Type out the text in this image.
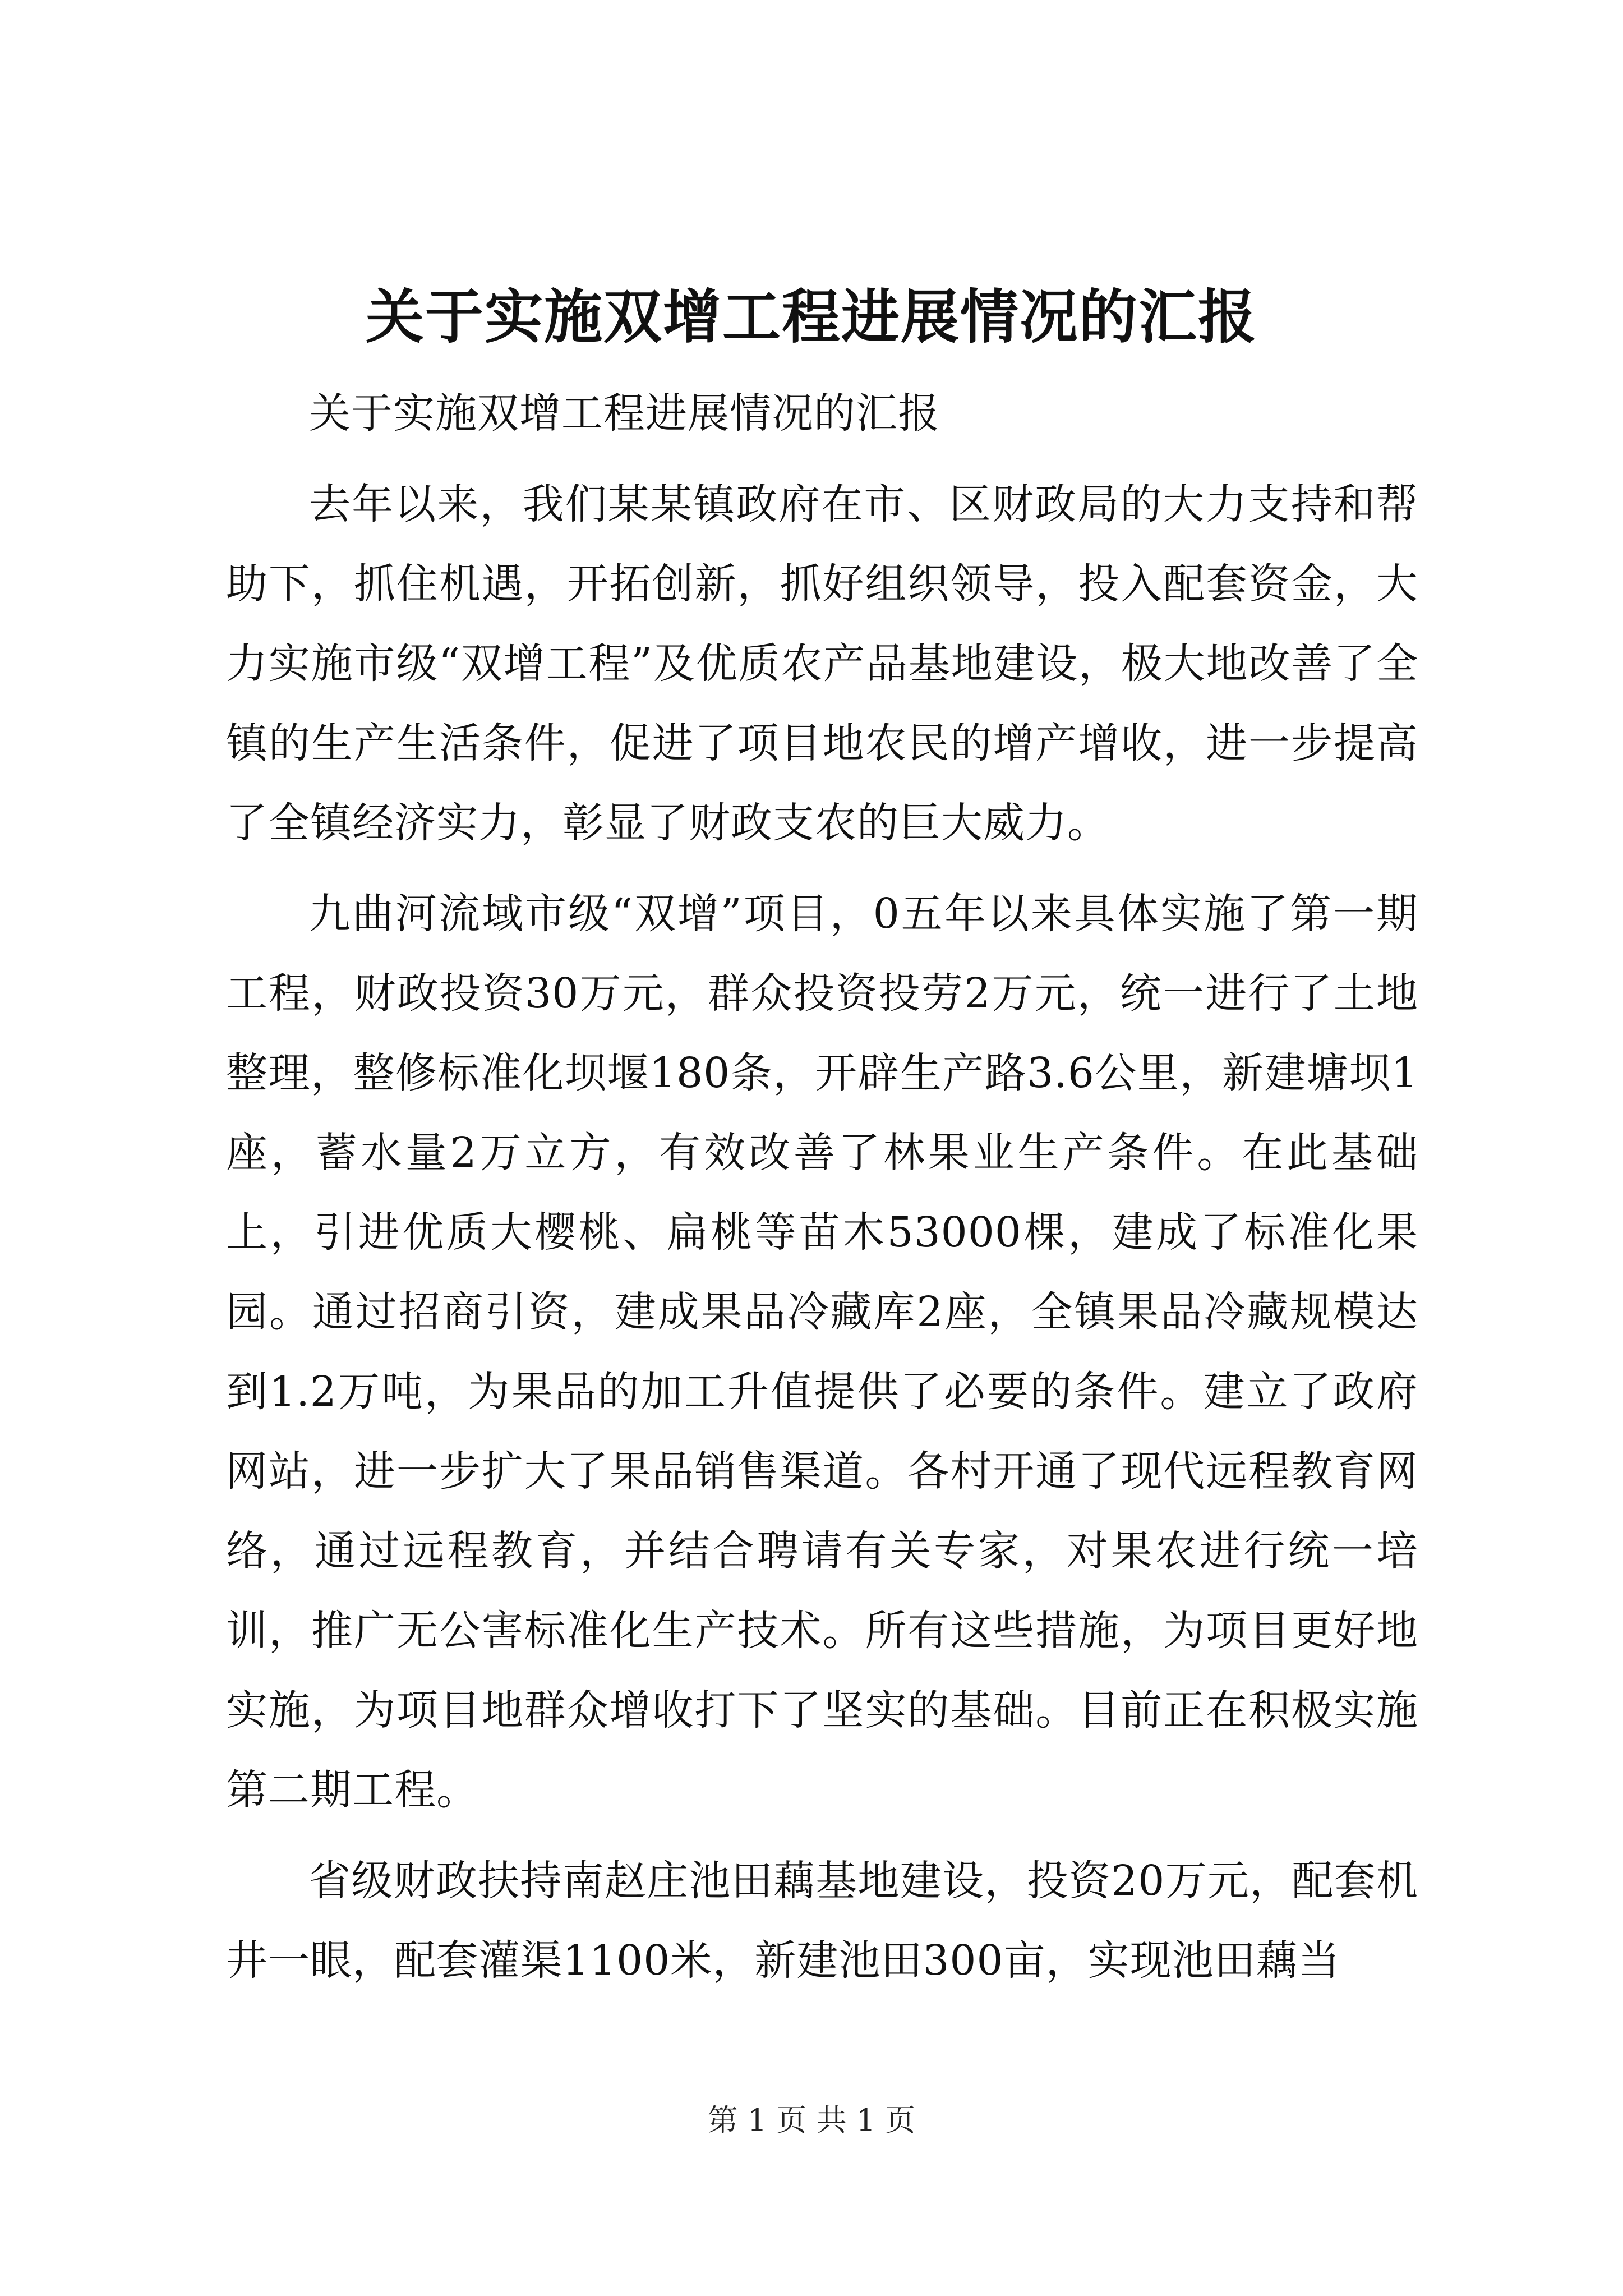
关于实施双增工程进展情况的汇报

关于实施双增工程进展情况的汇报

去年以来，我们某某镇政府在市、区财政局的大力支持和帮助下，抓住机遇，开拓创新，抓好组织领导，投入配套资金，大力实施市级“双增工程”及优质农产品基地建设，极大地改善了全镇的生产生活条件，促进了项目地农民的增产增收，进一步提高了全镇经济实力，彰显了财政支农的巨大威力。

九曲河流域市级“双增”项目，0五年以来具体实施了第一期工程，财政投资30万元，群众投资投劳2万元，统一进行了土地整理，整修标准化坝堰180条，开辟生产路3.6公里，新建塘坝1座，蓄水量2万立方，有效改善了林果业生产条件。在此基础上，引进优质大樱桃、扁桃等苗木53000棵，建成了标准化果园。通过招商引资，建成果品冷藏库2座，全镇果品冷藏规模达到1.2万吨，为果品的加工升值提供了必要的条件。建立了政府网站，进一步扩大了果品销售渠道。各村开通了现代远程教育网络，通过远程教育，并结合聘请有关专家，对果农进行统一培训，推广无公害标准化生产技术。所有这些措施，为项目更好地实施，为项目地群众增收打下了坚实的基础。目前正在积极实施第二期工程。

省级财政扶持南赵庄池田藕基地建设，投资20万元，配套机井一眼，配套灌渠1100米，新建池田300亩，实现池田藕当

第 1 页 共 1 页
